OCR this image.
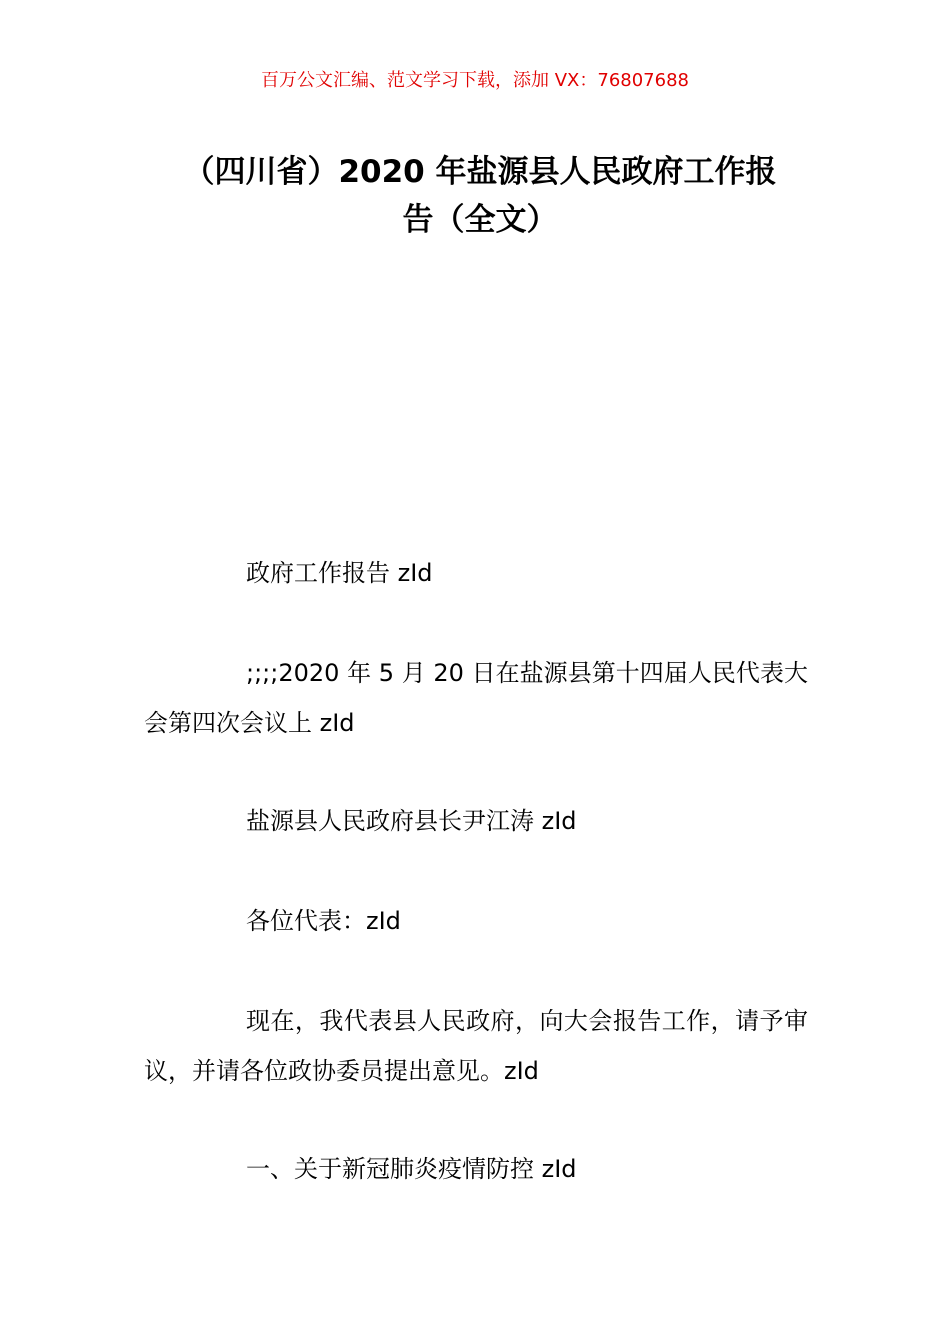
百万公文汇编、范文学习下载，添加 VX：76807688
（四川省）2020 年盐源县人民政府工作报
告（全文）

政府工作报告 zId

;;;;2020 年 5 月 20 日在盐源县第十四届人民代表大会第四次会议上 zId

盐源县人民政府县长尹江涛 zId

各位代表：zId

现在，我代表县人民政府，向大会报告工作，请予审议，并请各位政协委员提出意见。zId

一、关于新冠肺炎疫情防控 zId
